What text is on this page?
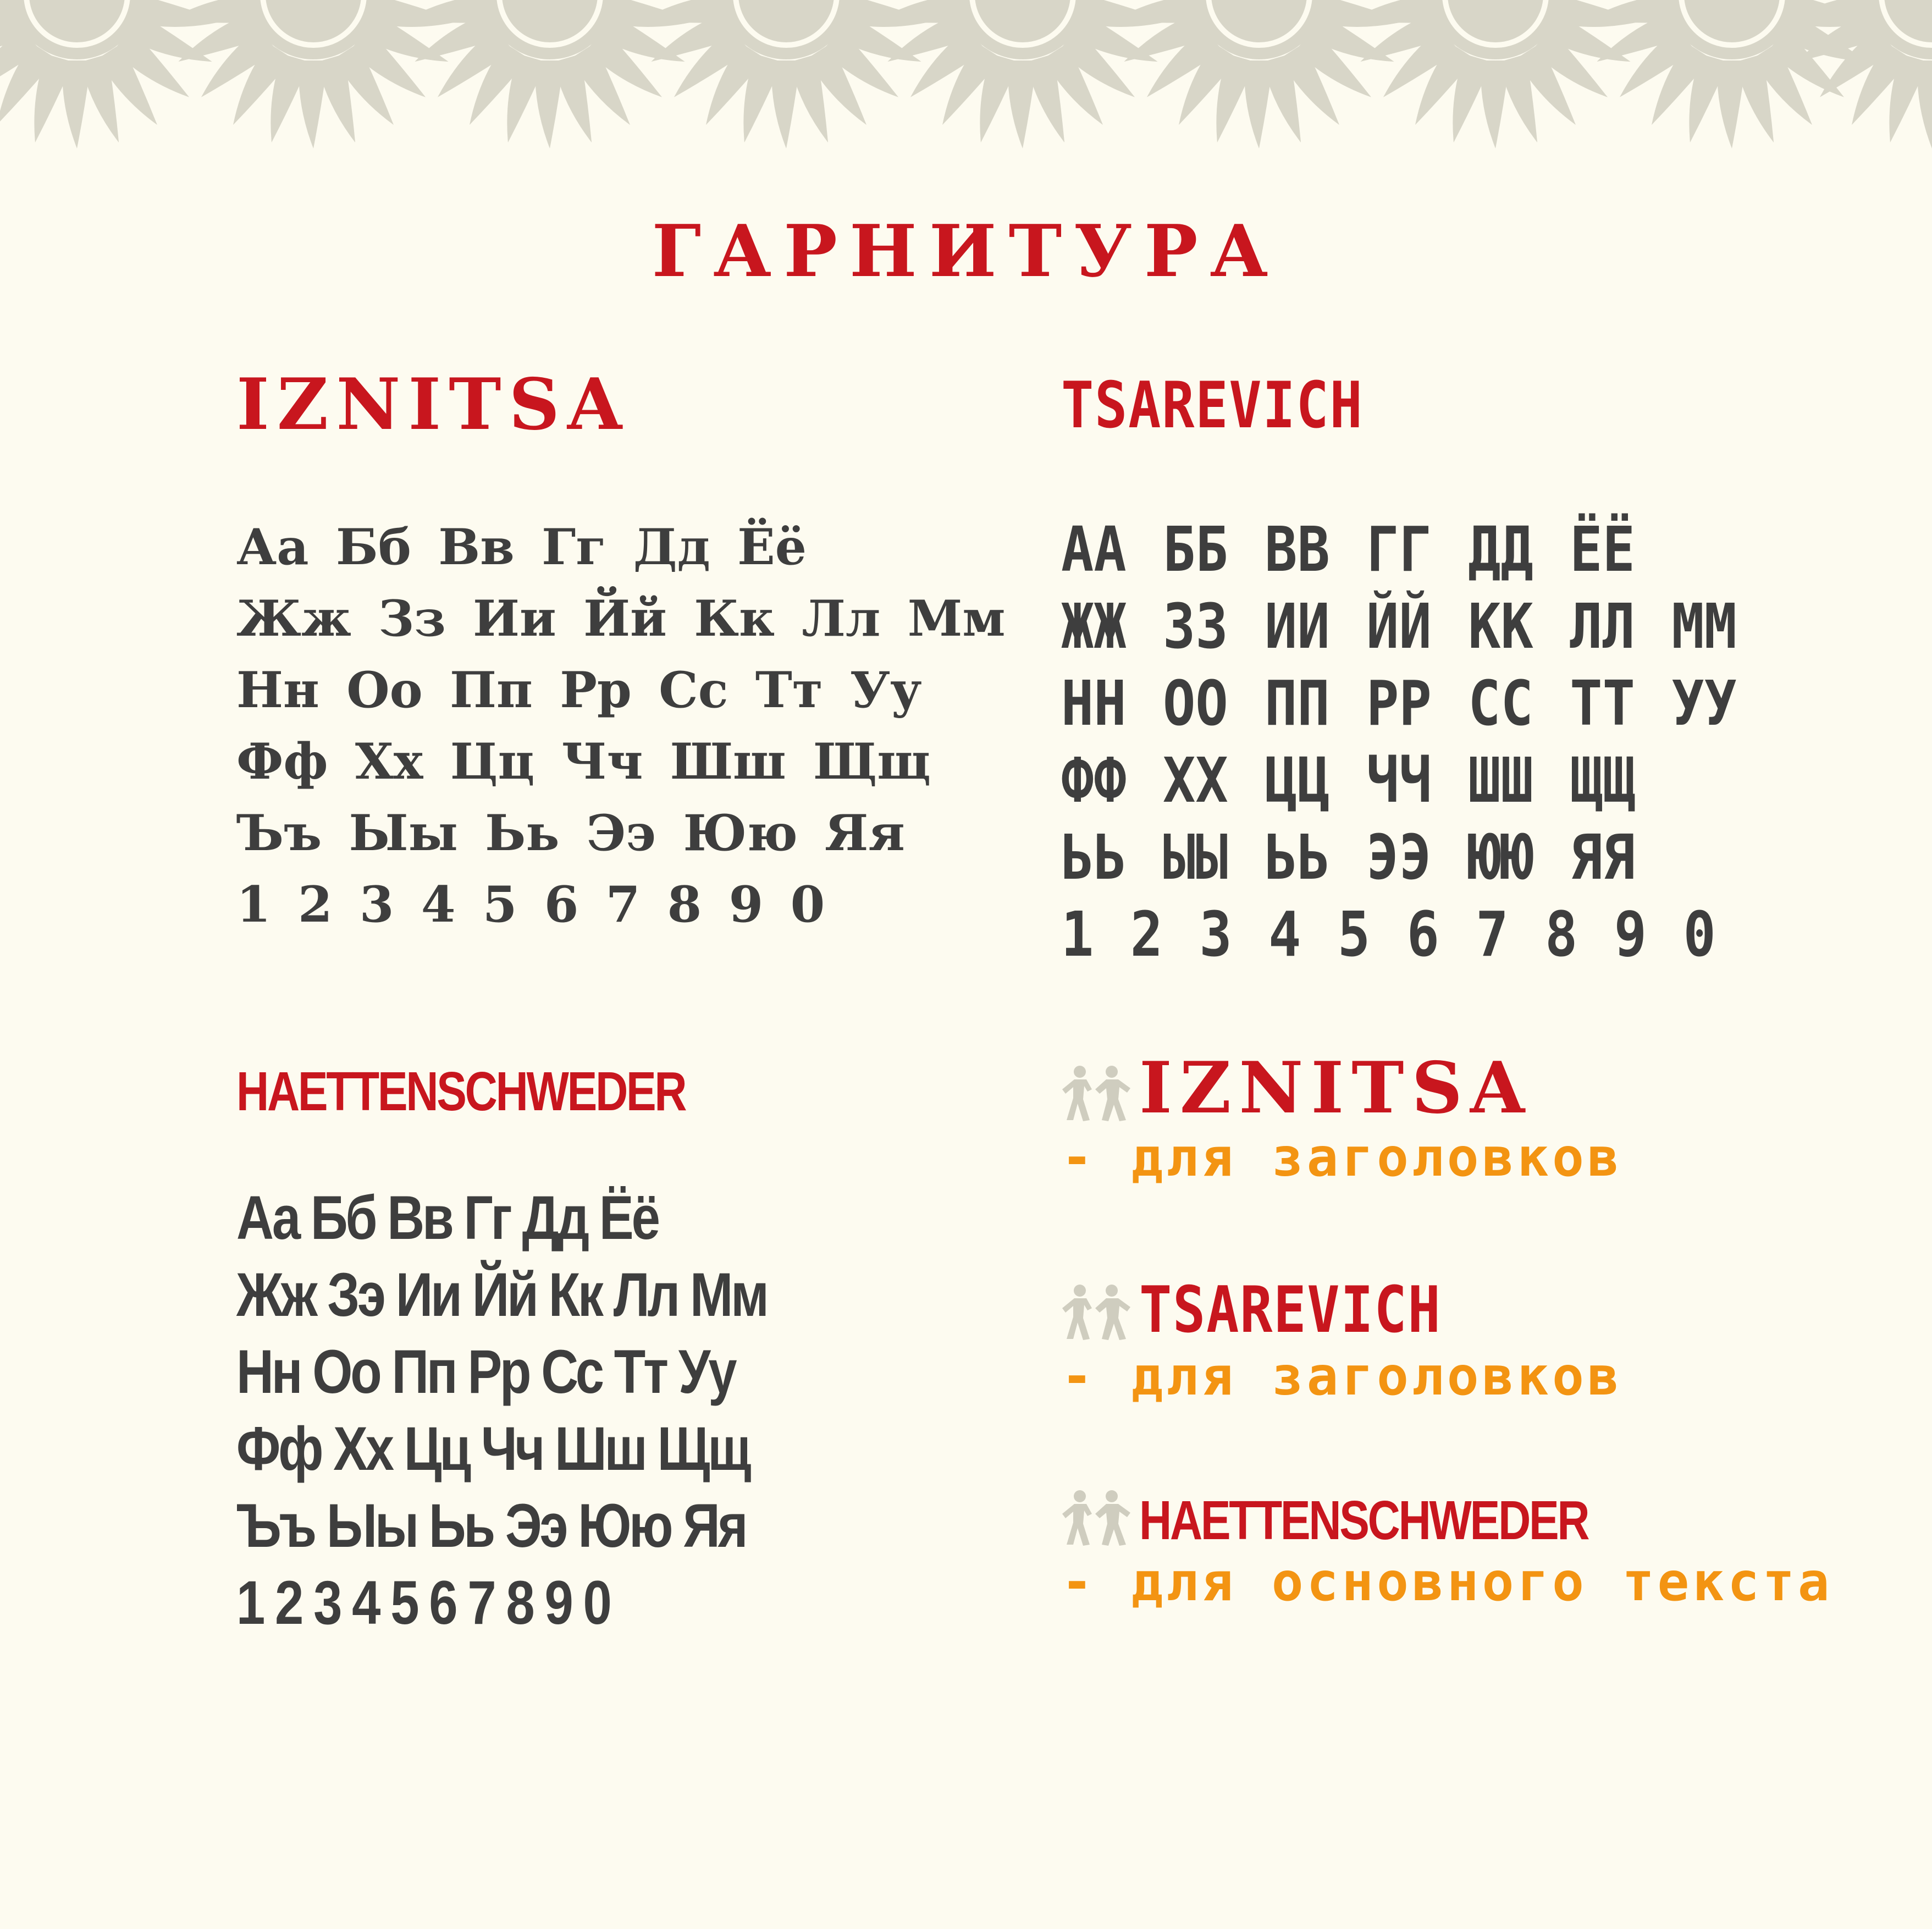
ГАРНИТУРА
IZNITSA
Аа Бб Вв Гг Дд Ёё
Жж Зз Ии Йй Кк Лл Мм
Нн Оо Пп Рр Сс Тт Уу
Фф Хх Цц Чч Шш Щщ
Ъъ Ыы Ьь Ээ Юю Яя
1 2 3 4 5 6 7 8 9 0
TSAREVICH
АА ББ ВВ ГГ ДД ЁЁ
ЖЖ ЗЗ ИИ ЙЙ КК ЛЛ ММ
НН ОО ПП РР СС ТТ УУ
ФФ ХХ ЦЦ ЧЧ ШШ ЩЩ
ЬЬ ЫЫ ЬЬ ЭЭ ЮЮ ЯЯ
1 2 3 4 5 6 7 8 9 0
HAETTENSCHWEDER
Аа Бб Вв Гг Дд Ёё
Жж Зэ Ии Йй Кк Лл Мм
Нн Оо Пп Рр Сс Тт Уу
Фф Хх Цц Чч Шш Щщ
Ъъ Ыы Ьь Ээ Юю Яя
1 2 3 4 5 6 7 8 9 0
IZNITSA
- для заголовков
TSAREVICH
- для заголовков
HAETTENSCHWEDER
- для основного текста
